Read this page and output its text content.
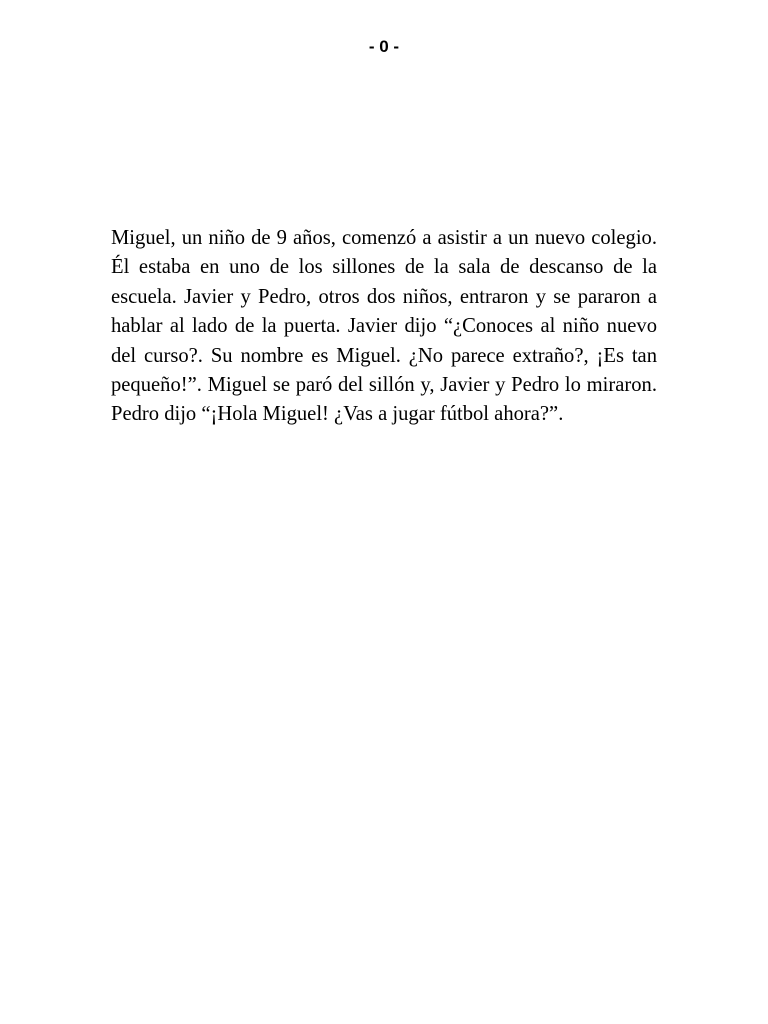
- 0 -

Miguel, un niño de 9 años, comenzó a asistir a un nuevo colegio. Él estaba en uno de los sillones de la sala de descanso de la escuela. Javier y Pedro, otros dos niños, entraron y se pararon a hablar al lado de la puerta. Javier dijo “¿Conoces al niño nuevo del curso?. Su nombre es Miguel. ¿No parece extraño?, ¡Es tan pequeño!”. Miguel se paró del sillón y, Javier y Pedro lo miraron. Pedro dijo “¡Hola Miguel! ¿Vas a jugar fútbol ahora?”.
